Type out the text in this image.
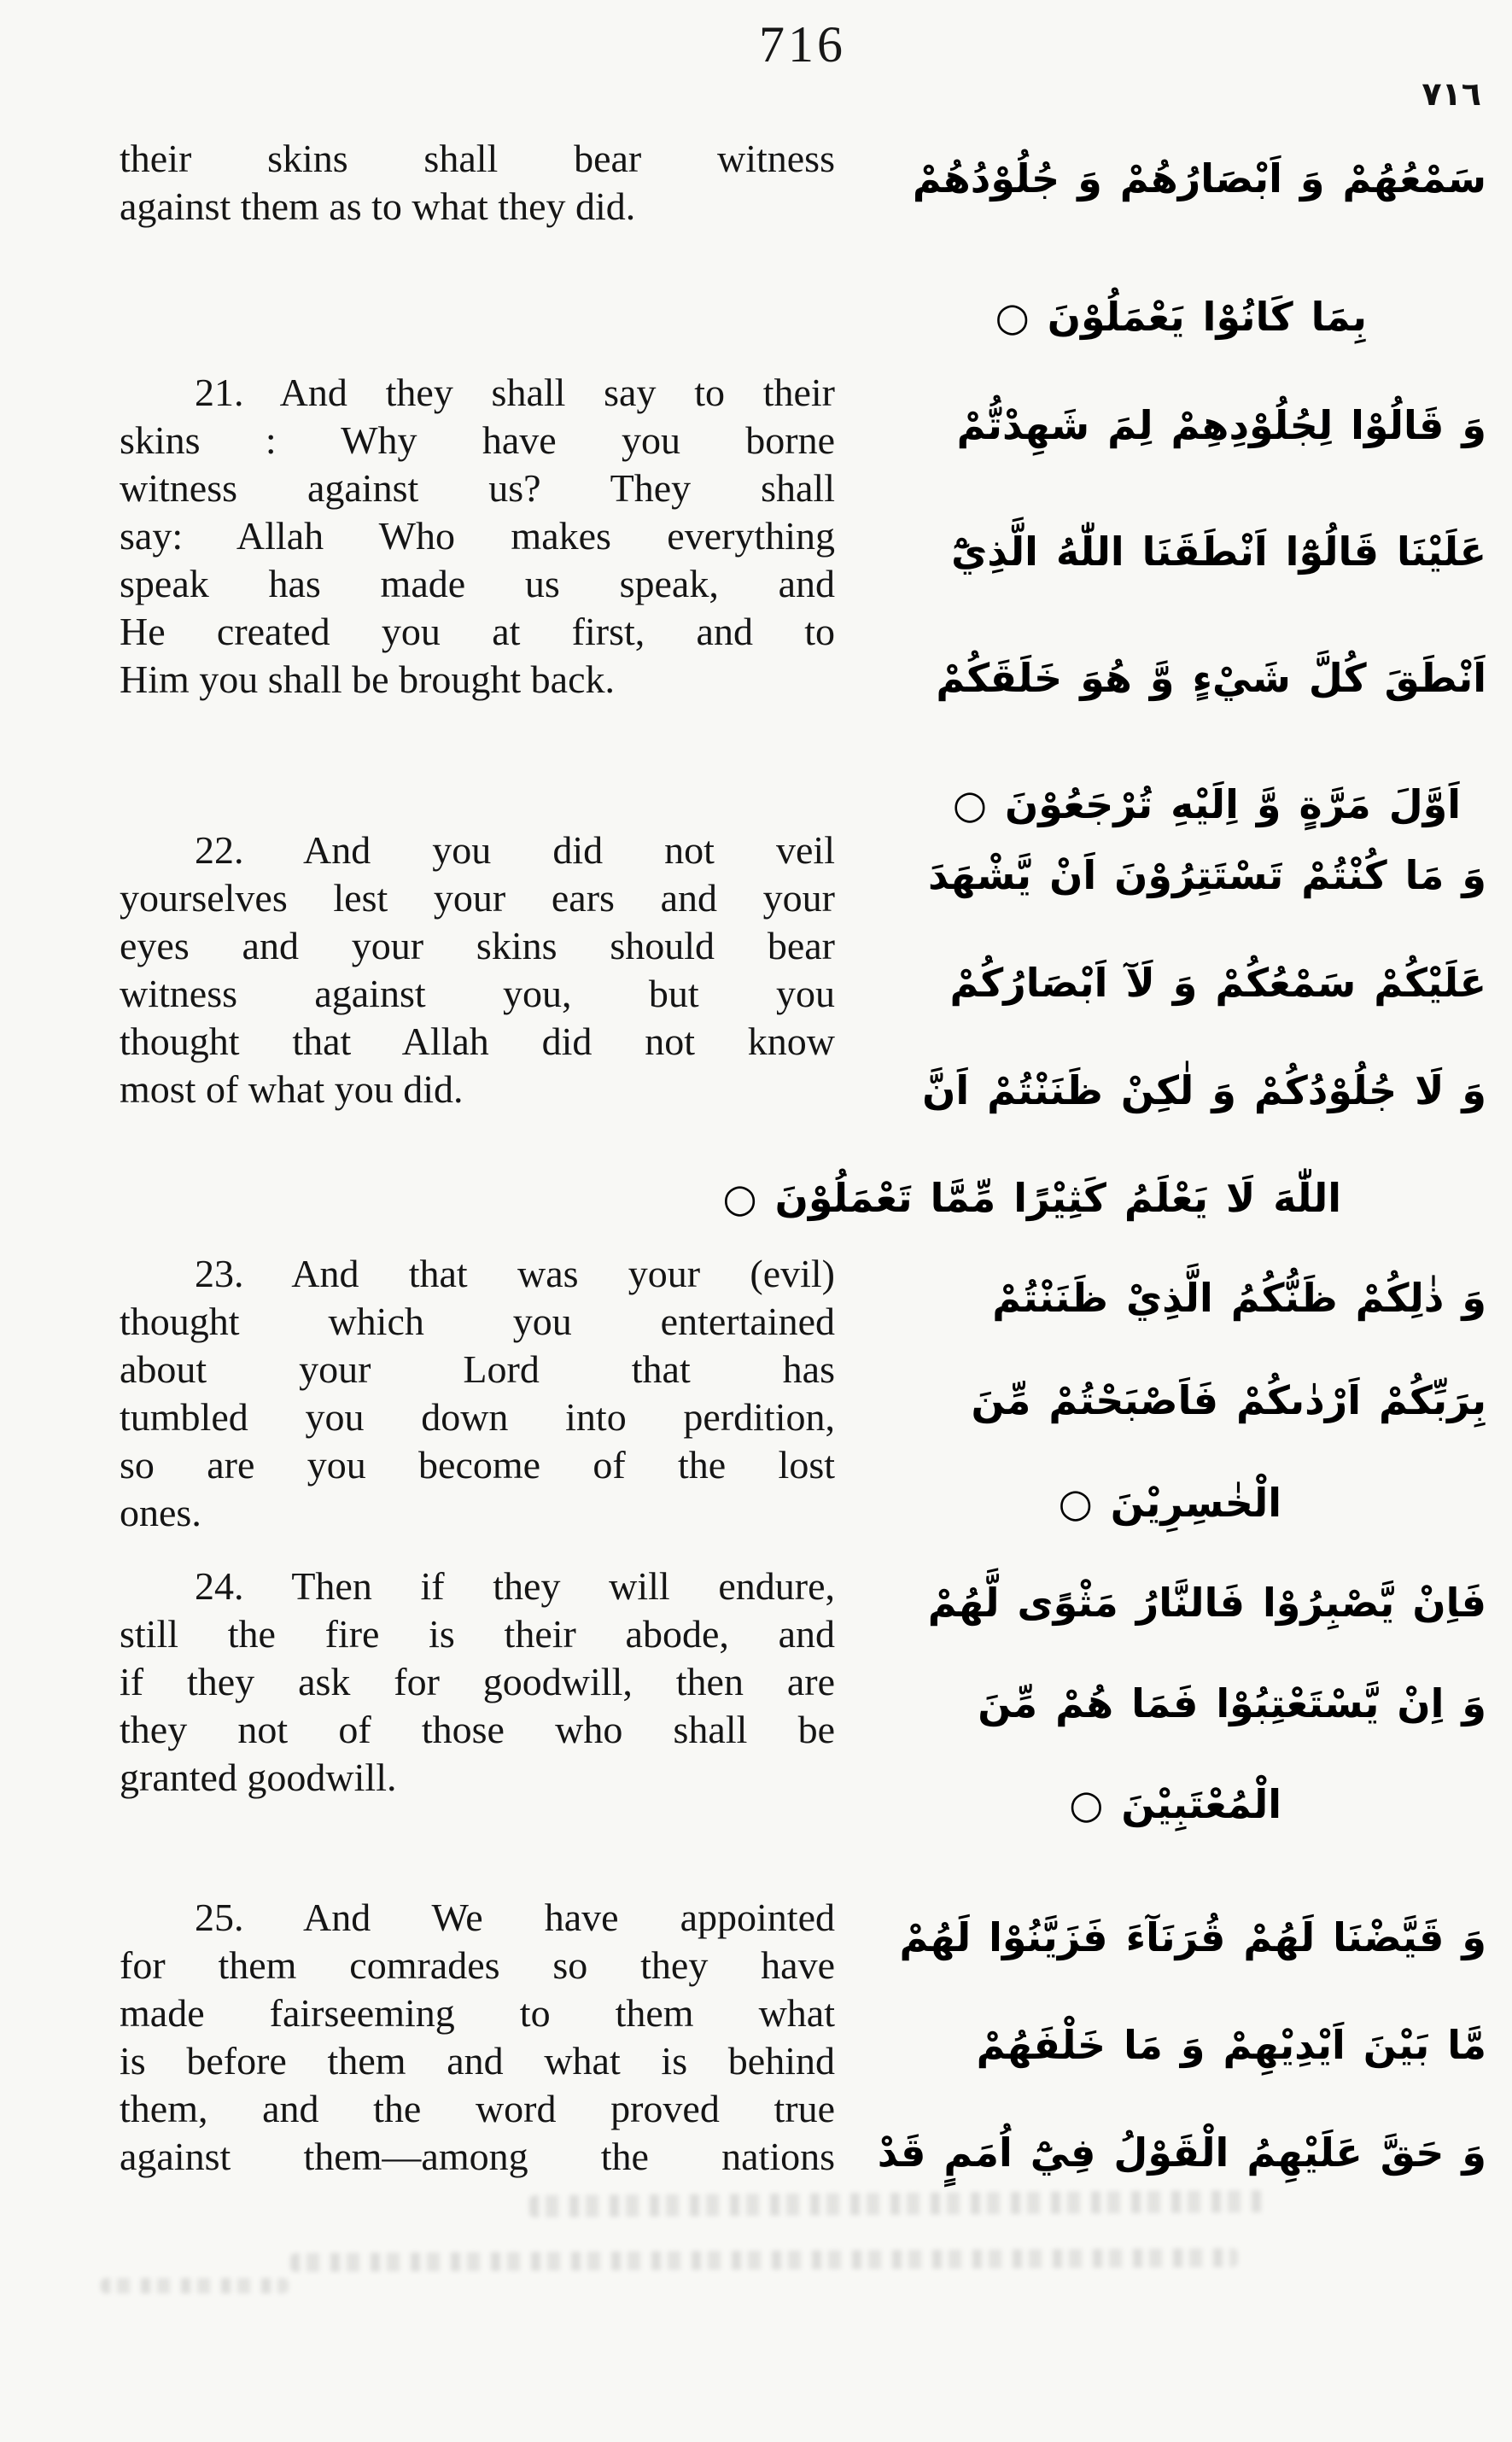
716
٧١٦
their skins shall bear witness
against them as to what they did.
سَمْعُهُمْ وَ اَبْصَارُهُمْ وَ جُلُوْدُهُمْ
بِمَا كَانُوْا يَعْمَلُوْنَ ○
21. And they shall say to their
skins : Why have you borne
witness against us? They shall
say: Allah Who makes everything
speak has made us speak, and
He created you at first, and to
Him you shall be brought back.
وَ قَالُوْا لِجُلُوْدِهِمْ لِمَ شَهِدْتُّمْ
عَلَيْنَا قَالُوْٓا اَنْطَقَنَا اللّٰهُ الَّذِيْٓ
اَنْطَقَ كُلَّ شَيْءٍ وَّ هُوَ خَلَقَكُمْ
اَوَّلَ مَرَّةٍ وَّ اِلَيْهِ تُرْجَعُوْنَ ○
22. And you did not veil
yourselves lest your ears and your
eyes and your skins should bear
witness against you, but you
thought that Allah did not know
most of what you did.
وَ مَا كُنْتُمْ تَسْتَتِرُوْنَ اَنْ يَّشْهَدَ
عَلَيْكُمْ سَمْعُكُمْ وَ لَآ اَبْصَارُكُمْ
وَ لَا جُلُوْدُكُمْ وَ لٰكِنْ ظَنَنْتُمْ اَنَّ
اللّٰهَ لَا يَعْلَمُ كَثِيْرًا مِّمَّا تَعْمَلُوْنَ ○
23. And that was your (evil)
thought which you entertained
about your Lord that has
tumbled you down into perdition,
so are you become of the lost
ones.
وَ ذٰلِكُمْ ظَنُّكُمُ الَّذِيْ ظَنَنْتُمْ
بِرَبِّكُمْ اَرْدٰىكُمْ فَاَصْبَحْتُمْ مِّنَ
الْخٰسِرِيْنَ ○
24. Then if they will endure,
still the fire is their abode, and
if they ask for goodwill, then are
they not of those who shall be
granted goodwill.
فَاِنْ يَّصْبِرُوْا فَالنَّارُ مَثْوًى لَّهُمْ
وَ اِنْ يَّسْتَعْتِبُوْا فَمَا هُمْ مِّنَ
الْمُعْتَبِيْنَ ○
25. And We have appointed
for them comrades so they have
made fairseeming to them what
is before them and what is behind
them, and the word proved true
against them—among the nations
وَ قَيَّضْنَا لَهُمْ قُرَنَآءَ فَزَيَّنُوْا لَهُمْ
مَّا بَيْنَ اَيْدِيْهِمْ وَ مَا خَلْفَهُمْ
وَ حَقَّ عَلَيْهِمُ الْقَوْلُ فِيْٓ اُمَمٍ قَدْ
